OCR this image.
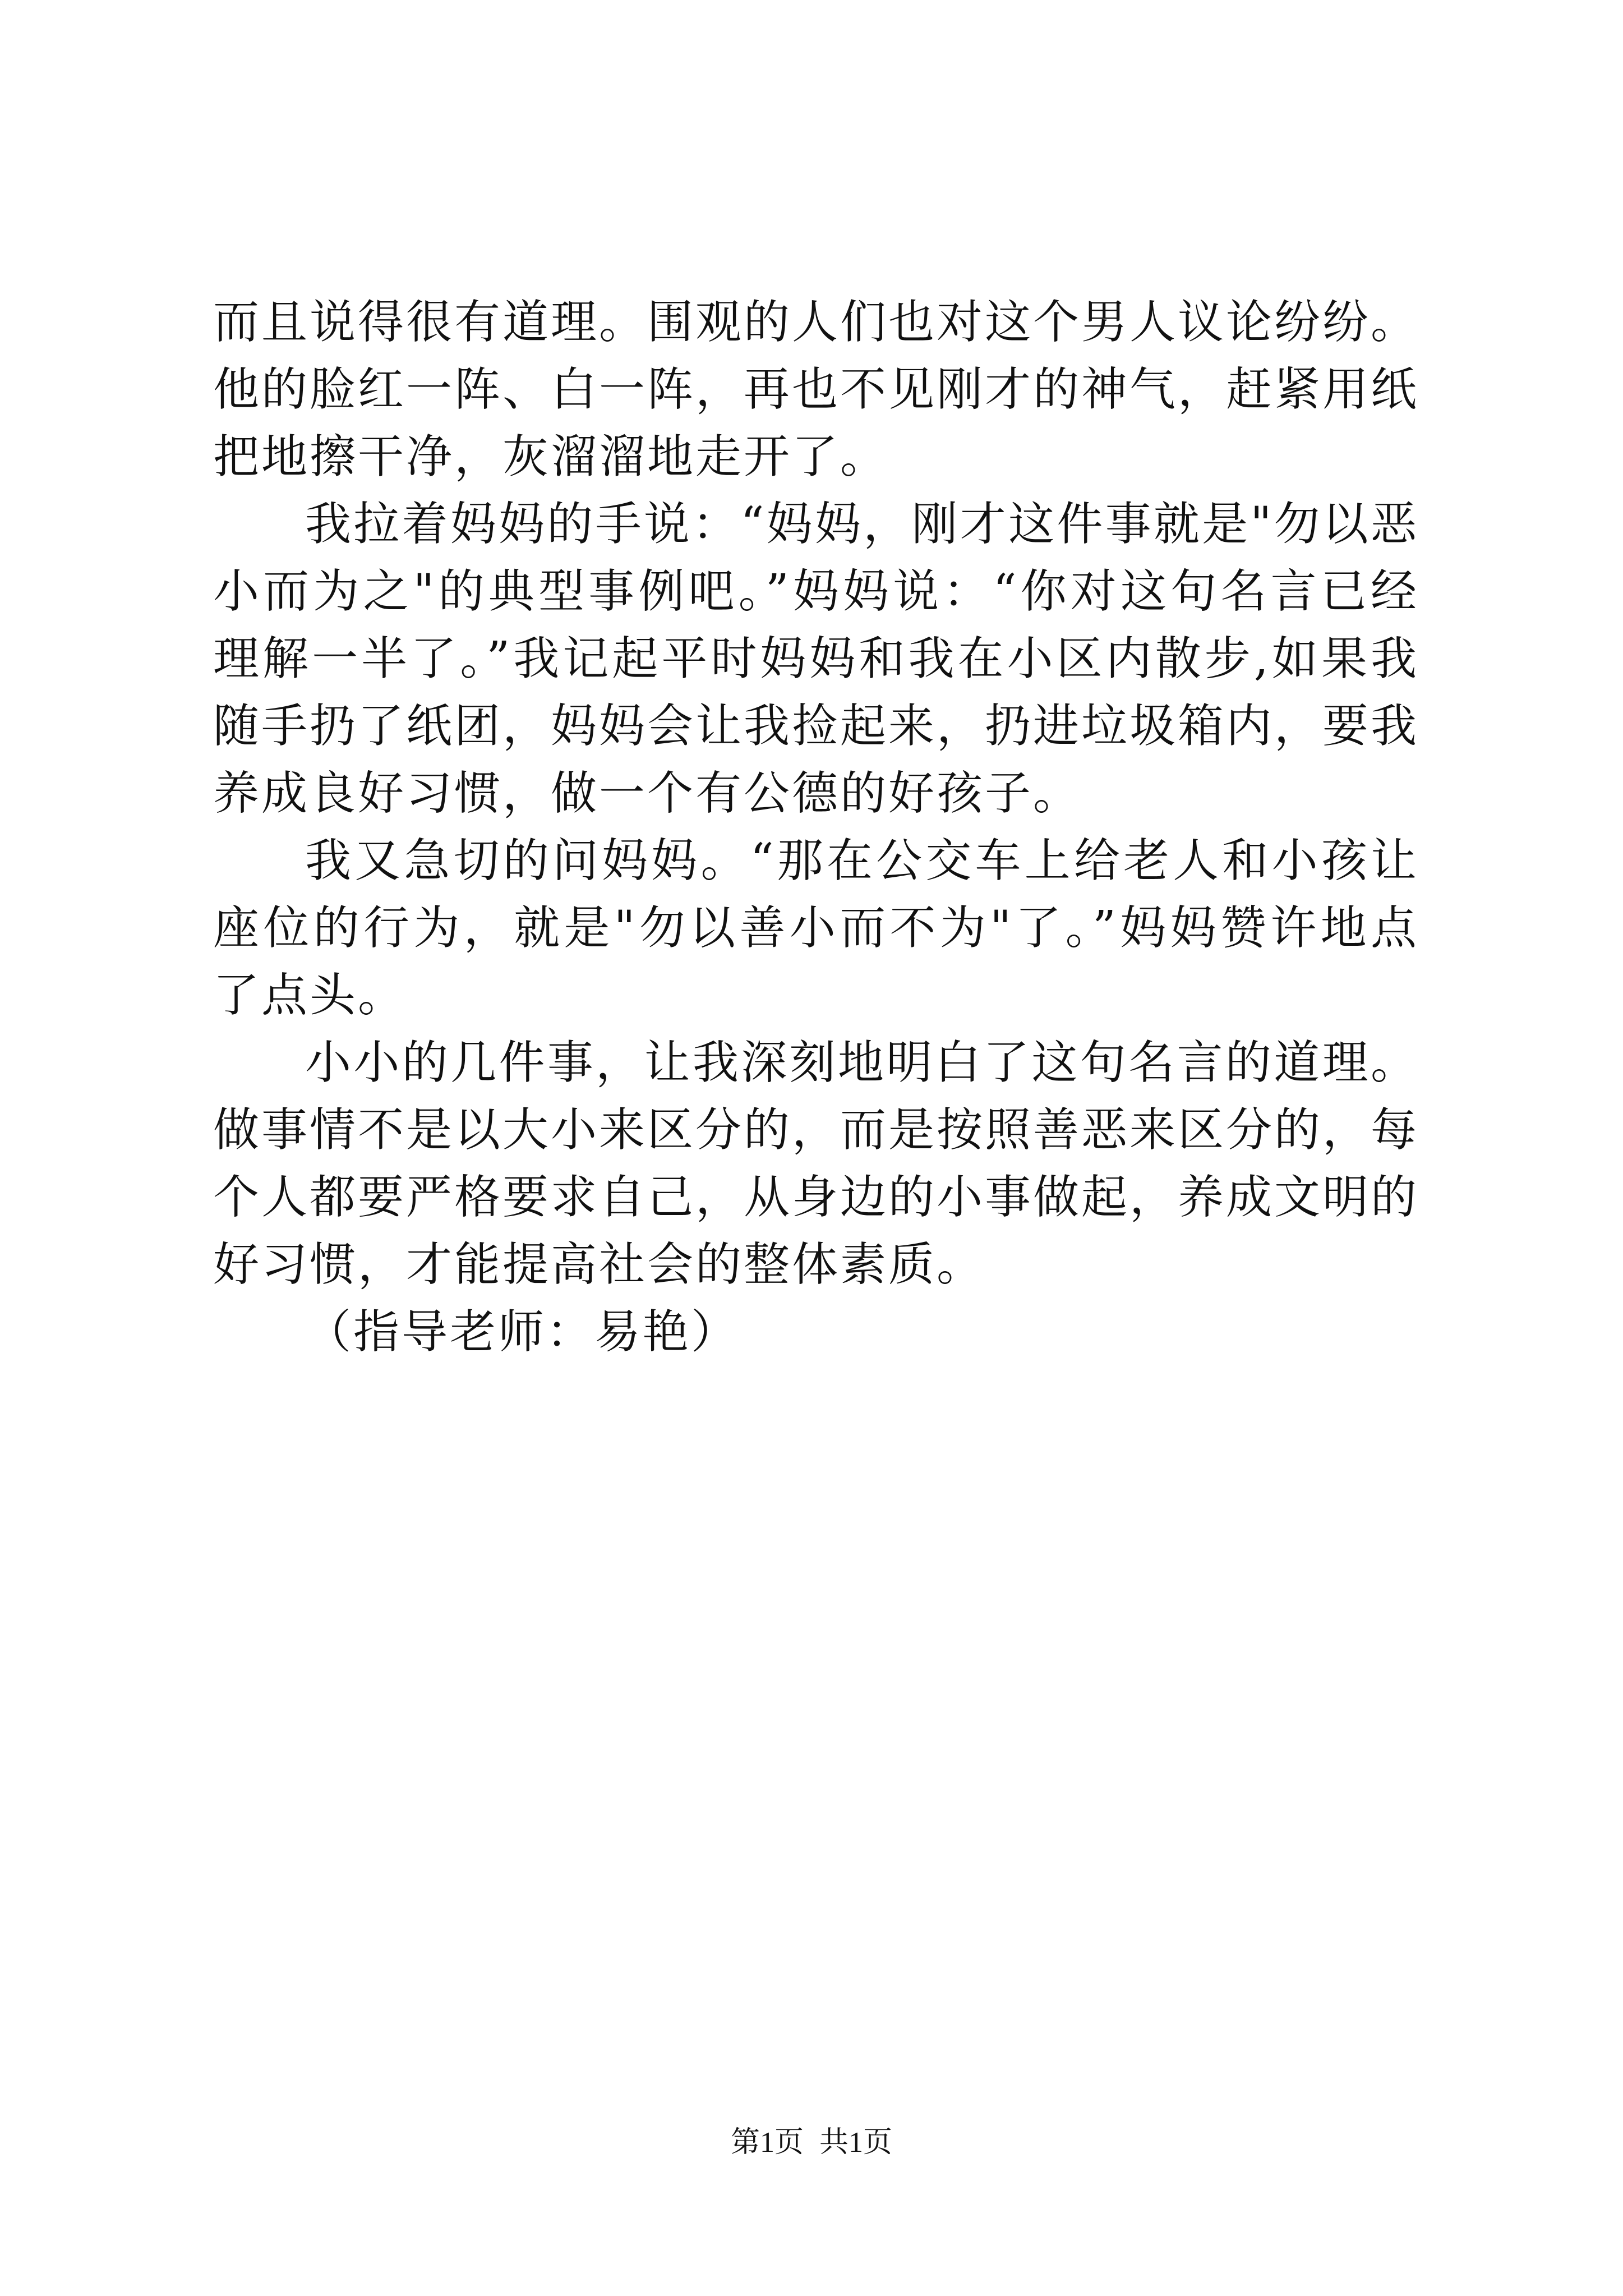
而且说得很有道理。围观的人们也对这个男人议论纷纷。他的脸红一阵、白一阵，再也不见刚才的神气，赶紧用纸把地擦干净，灰溜溜地走开了。

我拉着妈妈的手说：“妈妈，刚才这件事就是"勿以恶小而为之"的典型事例吧。”妈妈说：“你对这句名言已经理解一半了。”我记起平时妈妈和我在小区内散步,如果我随手扔了纸团，妈妈会让我捡起来，扔进垃圾箱内，要我养成良好习惯，做一个有公德的好孩子。

我又急切的问妈妈。“那在公交车上给老人和小孩让座位的行为，就是"勿以善小而不为"了。”妈妈赞许地点了点头。

小小的几件事，让我深刻地明白了这句名言的道理。做事情不是以大小来区分的，而是按照善恶来区分的，每个人都要严格要求自己，从身边的小事做起，养成文明的好习惯，才能提高社会的整体素质。

（指导老师：易艳）

第1页 共1页
